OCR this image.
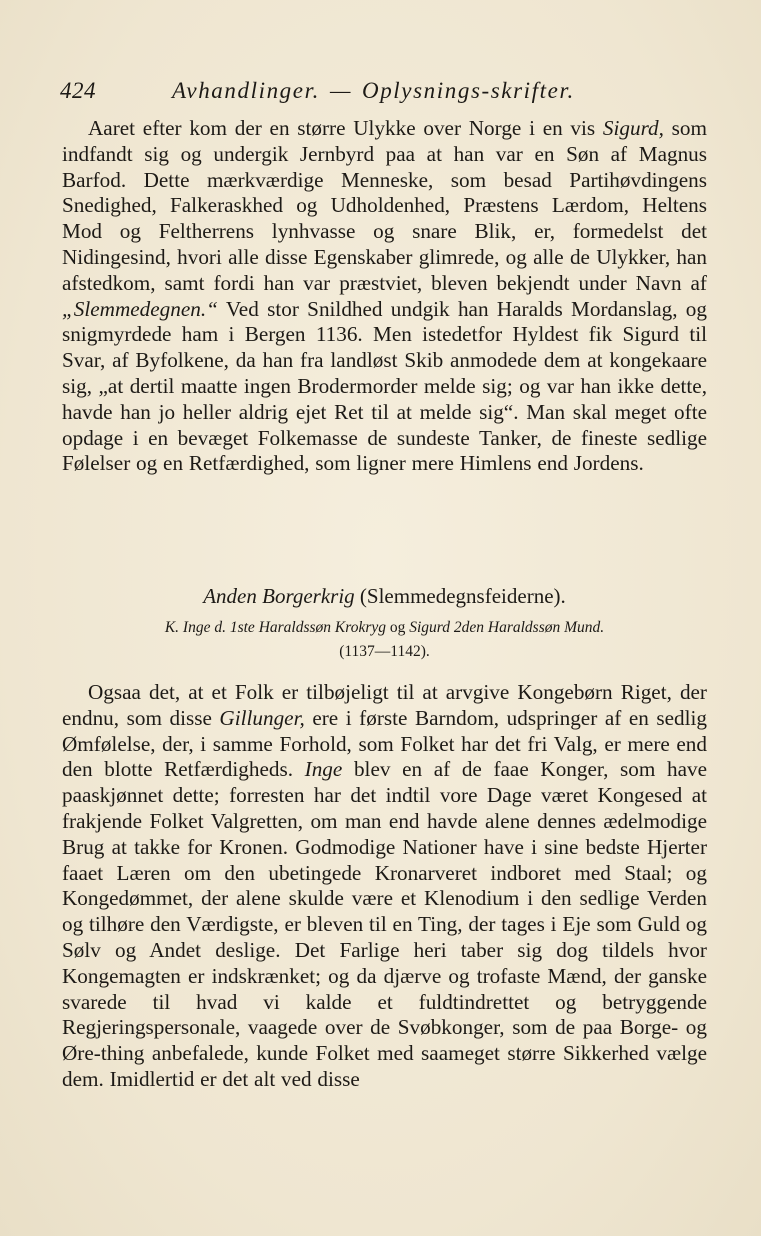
424	Avhandlinger. — Oplysnings-skrifter.

Aaret efter kom der en større Ulykke over Norge i en vis Sigurd, som indfandt sig og undergik Jernbyrd paa at han var en Søn af Magnus Barfod. Dette mærkværdige Menneske, som besad Partihøvdingens Snedighed, Falkeraskhed og Udholdenhed, Præstens Lærdom, Heltens Mod og Feltherrens lynhvasse og snare Blik, er, formedelst det Nidingesind, hvori alle disse Egenskaber glimrede, og alle de Ulykker, han afstedkom, samt fordi han var præstviet, bleven bekjendt under Navn af „Slemmedegnen.“ Ved stor Snildhed undgik han Haralds Mordanslag, og snigmyrdede ham i Bergen 1136. Men istedetfor Hyldest fik Sigurd til Svar, af Byfolkene, da han fra landløst Skib anmodede dem at kongekaare sig, „at dertil maatte ingen Brodermorder melde sig; og var han ikke dette, havde han jo heller aldrig ejet Ret til at melde sig“. Man skal meget ofte opdage i en bevæget Folkemasse de sundeste Tanker, de fineste sedlige Følelser og en Retfærdighed, som ligner mere Himlens end Jordens.

Anden Borgerkrig (Slemmedegnsfeiderne).
K. Inge d. 1ste Haraldssøn Krokryg og Sigurd 2den Haraldssøn Mund.
(1137—1142).

Ogsaa det, at et Folk er tilbøjeligt til at arvgive Kongebørn Riget, der endnu, som disse Gillunger, ere i første Barndom, udspringer af en sedlig Ømfølelse, der, i samme Forhold, som Folket har det fri Valg, er mere end den blotte Retfærdigheds. Inge blev en af de faae Konger, som have paaskjønnet dette; forresten har det indtil vore Dage været Kongesed at frakjende Folket Valgretten, om man end havde alene dennes ædelmodige Brug at takke for Kronen. Godmodige Nationer have i sine bedste Hjerter faaet Læren om den ubetingede Kronarveret indboret med Staal; og Kongedømmet, der alene skulde være et Klenodium i den sedlige Verden og tilhøre den Værdigste, er bleven til en Ting, der tages i Eje som Guld og Sølv og Andet deslige. Det Farlige heri taber sig dog tildels hvor Kongemagten er indskrænket; og da djærve og trofaste Mænd, der ganske svarede til hvad vi kalde et fuldtindrettet og betryggende Regjeringspersonale, vaagede over de Svøbkonger, som de paa Borge- og Øre-thing anbefalede, kunde Folket med saameget større Sikkerhed vælge dem. Imidlertid er det alt ved disse
